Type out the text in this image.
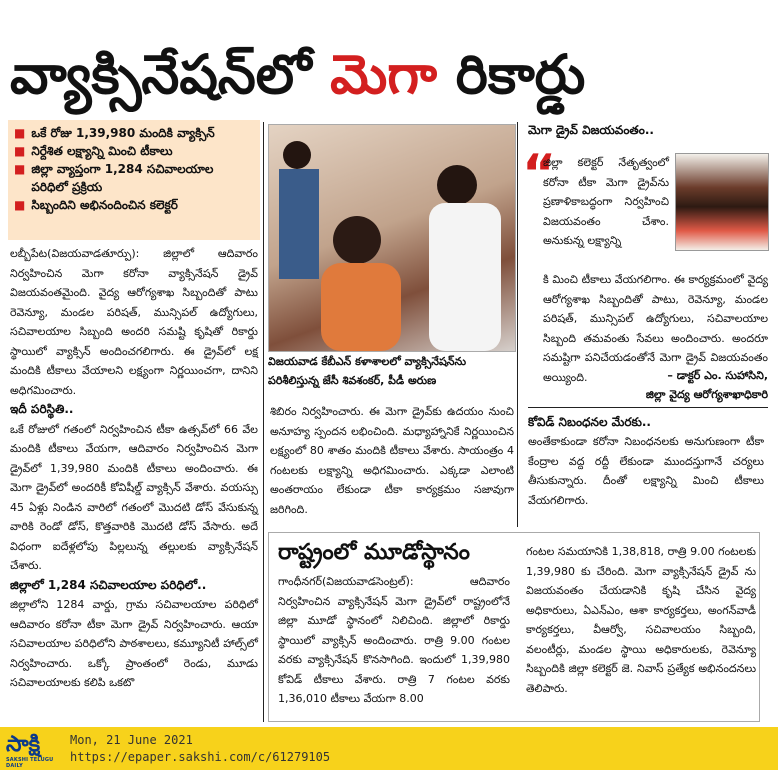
వ్యాక్సినేషన్‌లో మెగా రికార్డు
■ ఒకే రోజు 1,39,980 మందికి వ్యాక్సిన్
■ నిర్దేశిత లక్ష్యాన్ని మించి టీకాలు
■ జిల్లా వ్యాప్తంగా 1,284 సచివాలయాల పరిధిలో ప్రక్రియ
■ సిబ్బందిని అభినందించిన కలెక్టర్
లబ్బీపేట(విజయవాడతూర్పు): జిల్లాలో ఆదివారం నిర్వహించిన మెగా కరోనా వ్యాక్సినేషన్ డ్రైవ్ విజయవంతమైంది. వైద్య ఆరోగ్యశాఖ సిబ్బందితో పాటు రెవెన్యూ, మండల పరిషత్, మున్సిపల్ ఉద్యోగులు, సచివాలయాల సిబ్బంది అందరి సమష్టి కృషితో రికార్డు స్థాయిలో వ్యాక్సిన్ అందించగలిగారు. ఈ డ్రైవ్‌లో లక్ష మందికి టీకాలు వేయాలని లక్ష్యంగా నిర్ణయించగా, దానిని అధిగమించారు.
ఇదీ పరిస్థితి..
ఒకే రోజులో గతంలో నిర్వహించిన టీకా ఉత్సవ్‌లో 66 వేల మందికి టీకాలు వేయగా, ఆదివారం నిర్వహించిన మెగా డ్రైవ్‌లో 1,39,980 మందికి టీకాలు అందించారు. ఈ మెగా డ్రైవ్‌లో అందరికీ కోవిషీల్డ్ వ్యాక్సిన్ వేశారు. వయస్సు 45 ఏళ్లు నిండిన వారిలో గతంలో మొదటి డోస్ వేసుకున్న వారికి రెండో డోస్, కొత్తవారికి మొదటి డోస్ వేసారు. అదే విధంగా ఐదేళ్లలోపు పిల్లలున్న తల్లులకు వ్యాక్సినేషన్ చేశారు.
జిల్లాలో 1,284 సచివాలయాల పరిధిలో..
జిల్లాలోని 1284 వార్డు, గ్రామ సచివాలయాల పరిధిలో ఆదివారం కరోనా టీకా మెగా డ్రైవ్ నిర్వహించారు. ఆయా సచివాలయాల పరిధిలోని పాఠశాలలు, కమ్యూనిటీ హాల్స్‌లో నిర్వహించారు. ఒక్కో ప్రాంతంలో రెండు, మూడు సచివాలయాలకు కలిపి ఒకటొ
విజయవాడ కేబీఎన్ కళాశాలలో వ్యాక్సినేషన్‌ను పరిశీలిస్తున్న జేసీ శివశంకర్, పీడీ అరుణ
శిబిరం నిర్వహించారు. ఈ మెగా డ్రైవ్‌కు ఉదయం నుంచి అనూహ్య స్పందన లభించింది. మధ్యాహ్నానికే నిర్ణయించిన లక్ష్యంలో 80 శాతం మందికి టీకాలు వేశారు. సాయంత్రం 4 గంటలకు లక్ష్యాన్ని అధిగమించారు. ఎక్కడా ఎలాంటి అంతరాయం లేకుండా టీకా కార్యక్రమం సజావుగా జరిగింది.
మెగా డ్రైవ్ విజయవంతం..
“
జిల్లా కలెక్టర్ నేతృత్వంలో కరోనా టీకా మెగా డ్రైవ్‌ను ప్రణాళికాబద్ధంగా నిర్వహించి విజయవంతం చేశాం. అనుకున్న లక్ష్యాన్ని
కి మించి టీకాలు వేయగలిగాం. ఈ కార్యక్రమంలో వైద్య ఆరోగ్యశాఖ సిబ్బందితో పాటు, రెవెన్యూ, మండల పరిషత్, మున్సిపల్ ఉద్యోగులు, సచివాలయాల సిబ్బంది తమవంతు సేవలు అందించారు. అందరూ సమష్టిగా పనిచేయడంతోనే మెగా డ్రైవ్ విజయవంతం అయ్యింది.	– డాక్టర్ ఎం. సుహాసిని,
జిల్లా వైద్య ఆరోగ్యశాఖాధికారి
కోవిడ్ నిబంధనల మేరకు..
అంతేకాకుండా కరోనా నిబంధనలకు అనుగుణంగా టీకా కేంద్రాల వద్ద రద్దీ లేకుండా ముందస్తుగానే చర్యలు తీసుకున్నారు. దీంతో లక్ష్యాన్ని మించి టీకాలు వేయగలిగారు.
రాష్ట్రంలో మూడోస్థానం
గాంధీనగర్(విజయవాడసెంట్రల్): ఆదివారం నిర్వహించిన వ్యాక్సినేషన్ మెగా డ్రైవ్‌లో రాష్ట్రంలోనే జిల్లా మూడో స్థానంలో నిలిచింది. జిల్లాలో రికార్డు స్థాయిలో వ్యాక్సిన్ అందించారు. రాత్రి 9.00 గంటల వరకు వ్యాక్సినేషన్ కొనసాగింది. ఇందులో 1,39,980 కోవిడ్ టీకాలు వేశారు. రాత్రి 7 గంటల వరకు 1,36,010 టీకాలు వేయగా 8.00
గంటల సమయానికి 1,38,818, రాత్రి 9.00 గంటలకు 1,39,980 కు చేరింది. మెగా వ్యాక్సినేషన్ డ్రైవ్ ను విజయవంతం చేయడానికి కృషి చేసిన వైద్య అధికారులు, ఏఎన్ఎం, ఆశా కార్యకర్తలు, అంగన్‌వాడీ కార్యకర్తలు, వీఆర్వో, సచివాలయం సిబ్బంది, వలంటీర్లు, మండల స్థాయి అధికారులకు, రెవెన్యూ సిబ్బందికి జిల్లా కలెక్టర్ జె. నివాస్ ప్రత్యేక అభినందనలు తెలిపారు.
సాక్షి
SAKSHI TELUGU DAILY
Mon, 21 June 2021
https://epaper.sakshi.com/c/61279105
